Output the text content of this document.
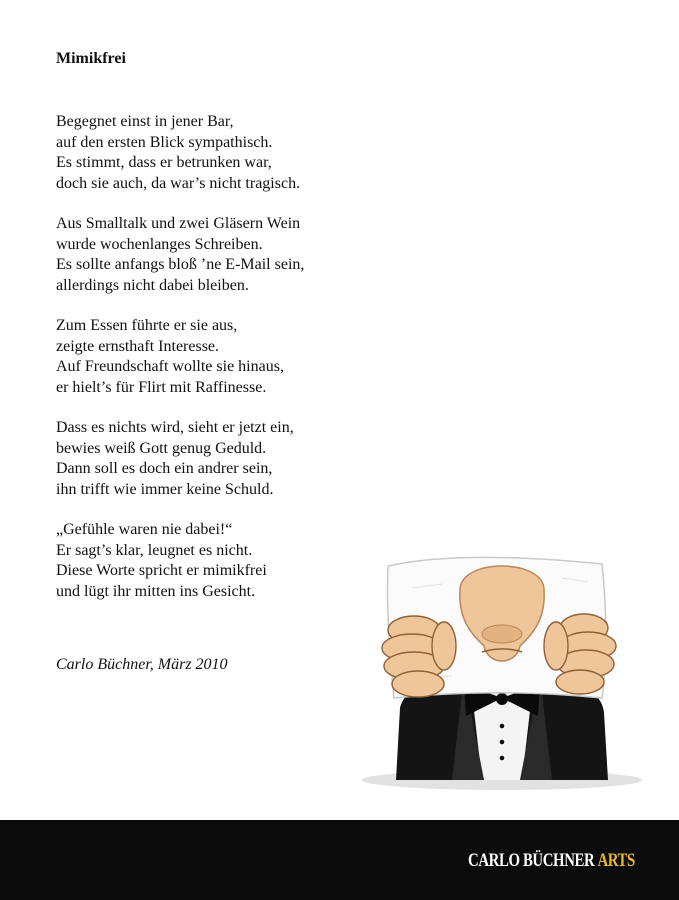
Mimikfrei
Begegnet einst in jener Bar,
auf den ersten Blick sympathisch.
Es stimmt, dass er betrunken war,
doch sie auch, da war’s nicht tragisch.
Aus Smalltalk und zwei Gläsern Wein
wurde wochenlanges Schreiben.
Es sollte anfangs bloß ’ne E-Mail sein,
allerdings nicht dabei bleiben.
Zum Essen führte er sie aus,
zeigte ernsthaft Interesse.
Auf Freundschaft wollte sie hinaus,
er hielt’s für Flirt mit Raffinesse.
Dass es nichts wird, sieht er jetzt ein,
bewies weiß Gott genug Geduld.
Dann soll es doch ein andrer sein,
ihn trifft wie immer keine Schuld.
„Gefühle waren nie dabei!“
Er sagt’s klar, leugnet es nicht.
Diese Worte spricht er mimikfrei
und lügt ihr mitten ins Gesicht.
Carlo Büchner, März 2010
CARLO BÜCHNER ARTS
